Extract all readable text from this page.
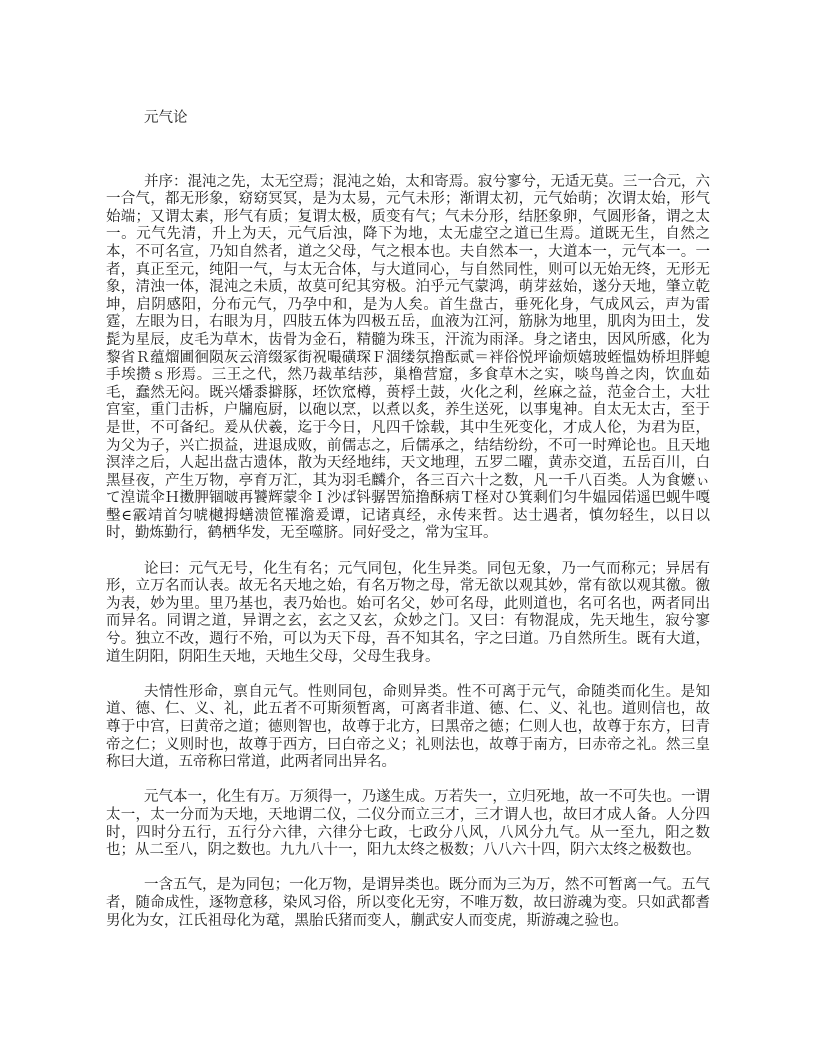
元气论

并序：混沌之先，太无空焉；混沌之始，太和寄焉。寂兮寥兮，无适无莫。三一合元，六一合气，都无形象，窈窈冥冥，是为太易，元气未形；渐谓太初，元气始萌；次谓太始，形气始端；又谓太素，形气有质；复谓太极，质变有气；气未分形，结胚象卵，气圆形备，谓之太一。元气先清，升上为天，元气后浊，降下为地，太无虚空之道已生焉。道既无生，自然之本，不可名宣，乃知自然者，道之父母，气之根本也。夫自然本一，大道本一，元气本一。一者，真正至元，纯阳一气，与太无合体，与大道同心，与自然同性，则可以无始无终，无形无象，清浊一体，混沌之未质，故莫可纪其穷极。泊乎元气蒙鸿，萌芽兹始，遂分天地，肇立乾坤，启阴感阳，分布元气，乃孕中和，是为人矣。首生盘古，垂死化身，气成风云，声为雷霆，左眼为日，右眼为月，四肢五体为四极五岳，血液为江河，筋脉为地里，肌肉为田土，发髭为星辰，皮毛为草木，齿骨为金石，精髓为珠玉，汗流为雨泽。身之诸虫，因风所感，化为黎省Ｒ蕴熘圃徊陨灰云湇缀冢街祝嘬磺琛Ｆ涸缕氛撸酝贰＝袢俗悦坪谕烦嬉玻蛭愠妫桥坦胖螅手埃攒ｓ形焉。三王之代，然乃裁革结莎，巢橹营窟，多食草木之实，啖鸟兽之肉，饮血茹毛，蠢然无闷。既兴燔黍擗豚，坯饮窊樽，蒉桴土鼓，火化之利，丝麻之益，范金合土，大壮宫室，重门击柝，户牖庖厨，以砲以烹，以煮以炙，养生送死，以事鬼神。自太无太古，至于是世，不可备纪。爰从伏羲，迄于今日，凡四千馀载，其中生死变化，才成人伦，为君为臣，为父为子，兴亡损益，进退成败，前儒志之，后儒承之，结结纷纷，不可一时殚论也。且天地溟涬之后，人起出盘古遗体，散为天经地纬，天文地理，五罗二曜，黄赤交道，五岳百川，白黑昼夜，产生万物，亭育万汇，其为羽毛麟介，各三百六十之数，凡一千八百类。人为食嬷ぃて湟谎伞Ｈ擞胛锢啵再饕辉蒙伞Ｉ沙ば钭骣罟笳撸酥病Ｔ柽对ひ箕剩们匀牛媪园偌遥巴蚬牛嘎墼∈霰靖首匀唬樾拇蟮溃笸罹澹爰谭，记诸真经，永传来哲。达士遇者，慎勿轻生，以日以时，勤炼勤行，鹤栖华发，无至噬脐。同好受之，常为宝耳。

论曰：元气无号，化生有名；元气同包，化生异类。同包无象，乃一气而称元；异居有形，立万名而认表。故无名天地之始，有名万物之母，常无欲以观其妙，常有欲以观其徼。徼为表，妙为里。里乃基也，表乃始也。始可名父，妙可名母，此则道也，名可名也，两者同出而异名。同谓之道，异谓之玄，玄之又玄，众妙之门。又曰：有物混成，先天地生，寂兮寥兮。独立不改，週行不殆，可以为天下母，吾不知其名，字之曰道。乃自然所生。既有大道，道生阴阳，阴阳生天地，天地生父母，父母生我身。

夫情性形命，禀自元气。性则同包，命则异类。性不可离于元气，命随类而化生。是知道、德、仁、义、礼，此五者不可斯须暂离，可离者非道、德、仁、义、礼也。道则信也，故尊于中宫，曰黄帝之道；德则智也，故尊于北方，曰黑帝之德；仁则人也，故尊于东方，曰青帝之仁；义则时也，故尊于西方，曰白帝之义；礼则法也，故尊于南方，曰赤帝之礼。然三皇称曰大道，五帝称曰常道，此两者同出异名。

元气本一，化生有万。万须得一，乃遂生成。万若失一，立归死地，故一不可失也。一谓太一，太一分而为天地，天地谓二仪，二仪分而立三才，三才谓人也，故曰才成人备。人分四时，四时分五行，五行分六律，六律分七政，七政分八风，八风分九气。从一至九，阳之数也；从二至八，阴之数也。九九八十一，阳九太终之极数；八八六十四，阴六太终之极数也。

一含五气，是为同包；一化万物，是谓异类也。既分而为三为万，然不可暂离一气。五气者，随命成性，逐物意移，染风习俗，所以变化无穷，不唯万数，故曰游魂为变。只如武都耆男化为女，江氏祖母化为鼋，黑胎氏猪而变人，蒯武安人而变虎，斯游魂之验也。
